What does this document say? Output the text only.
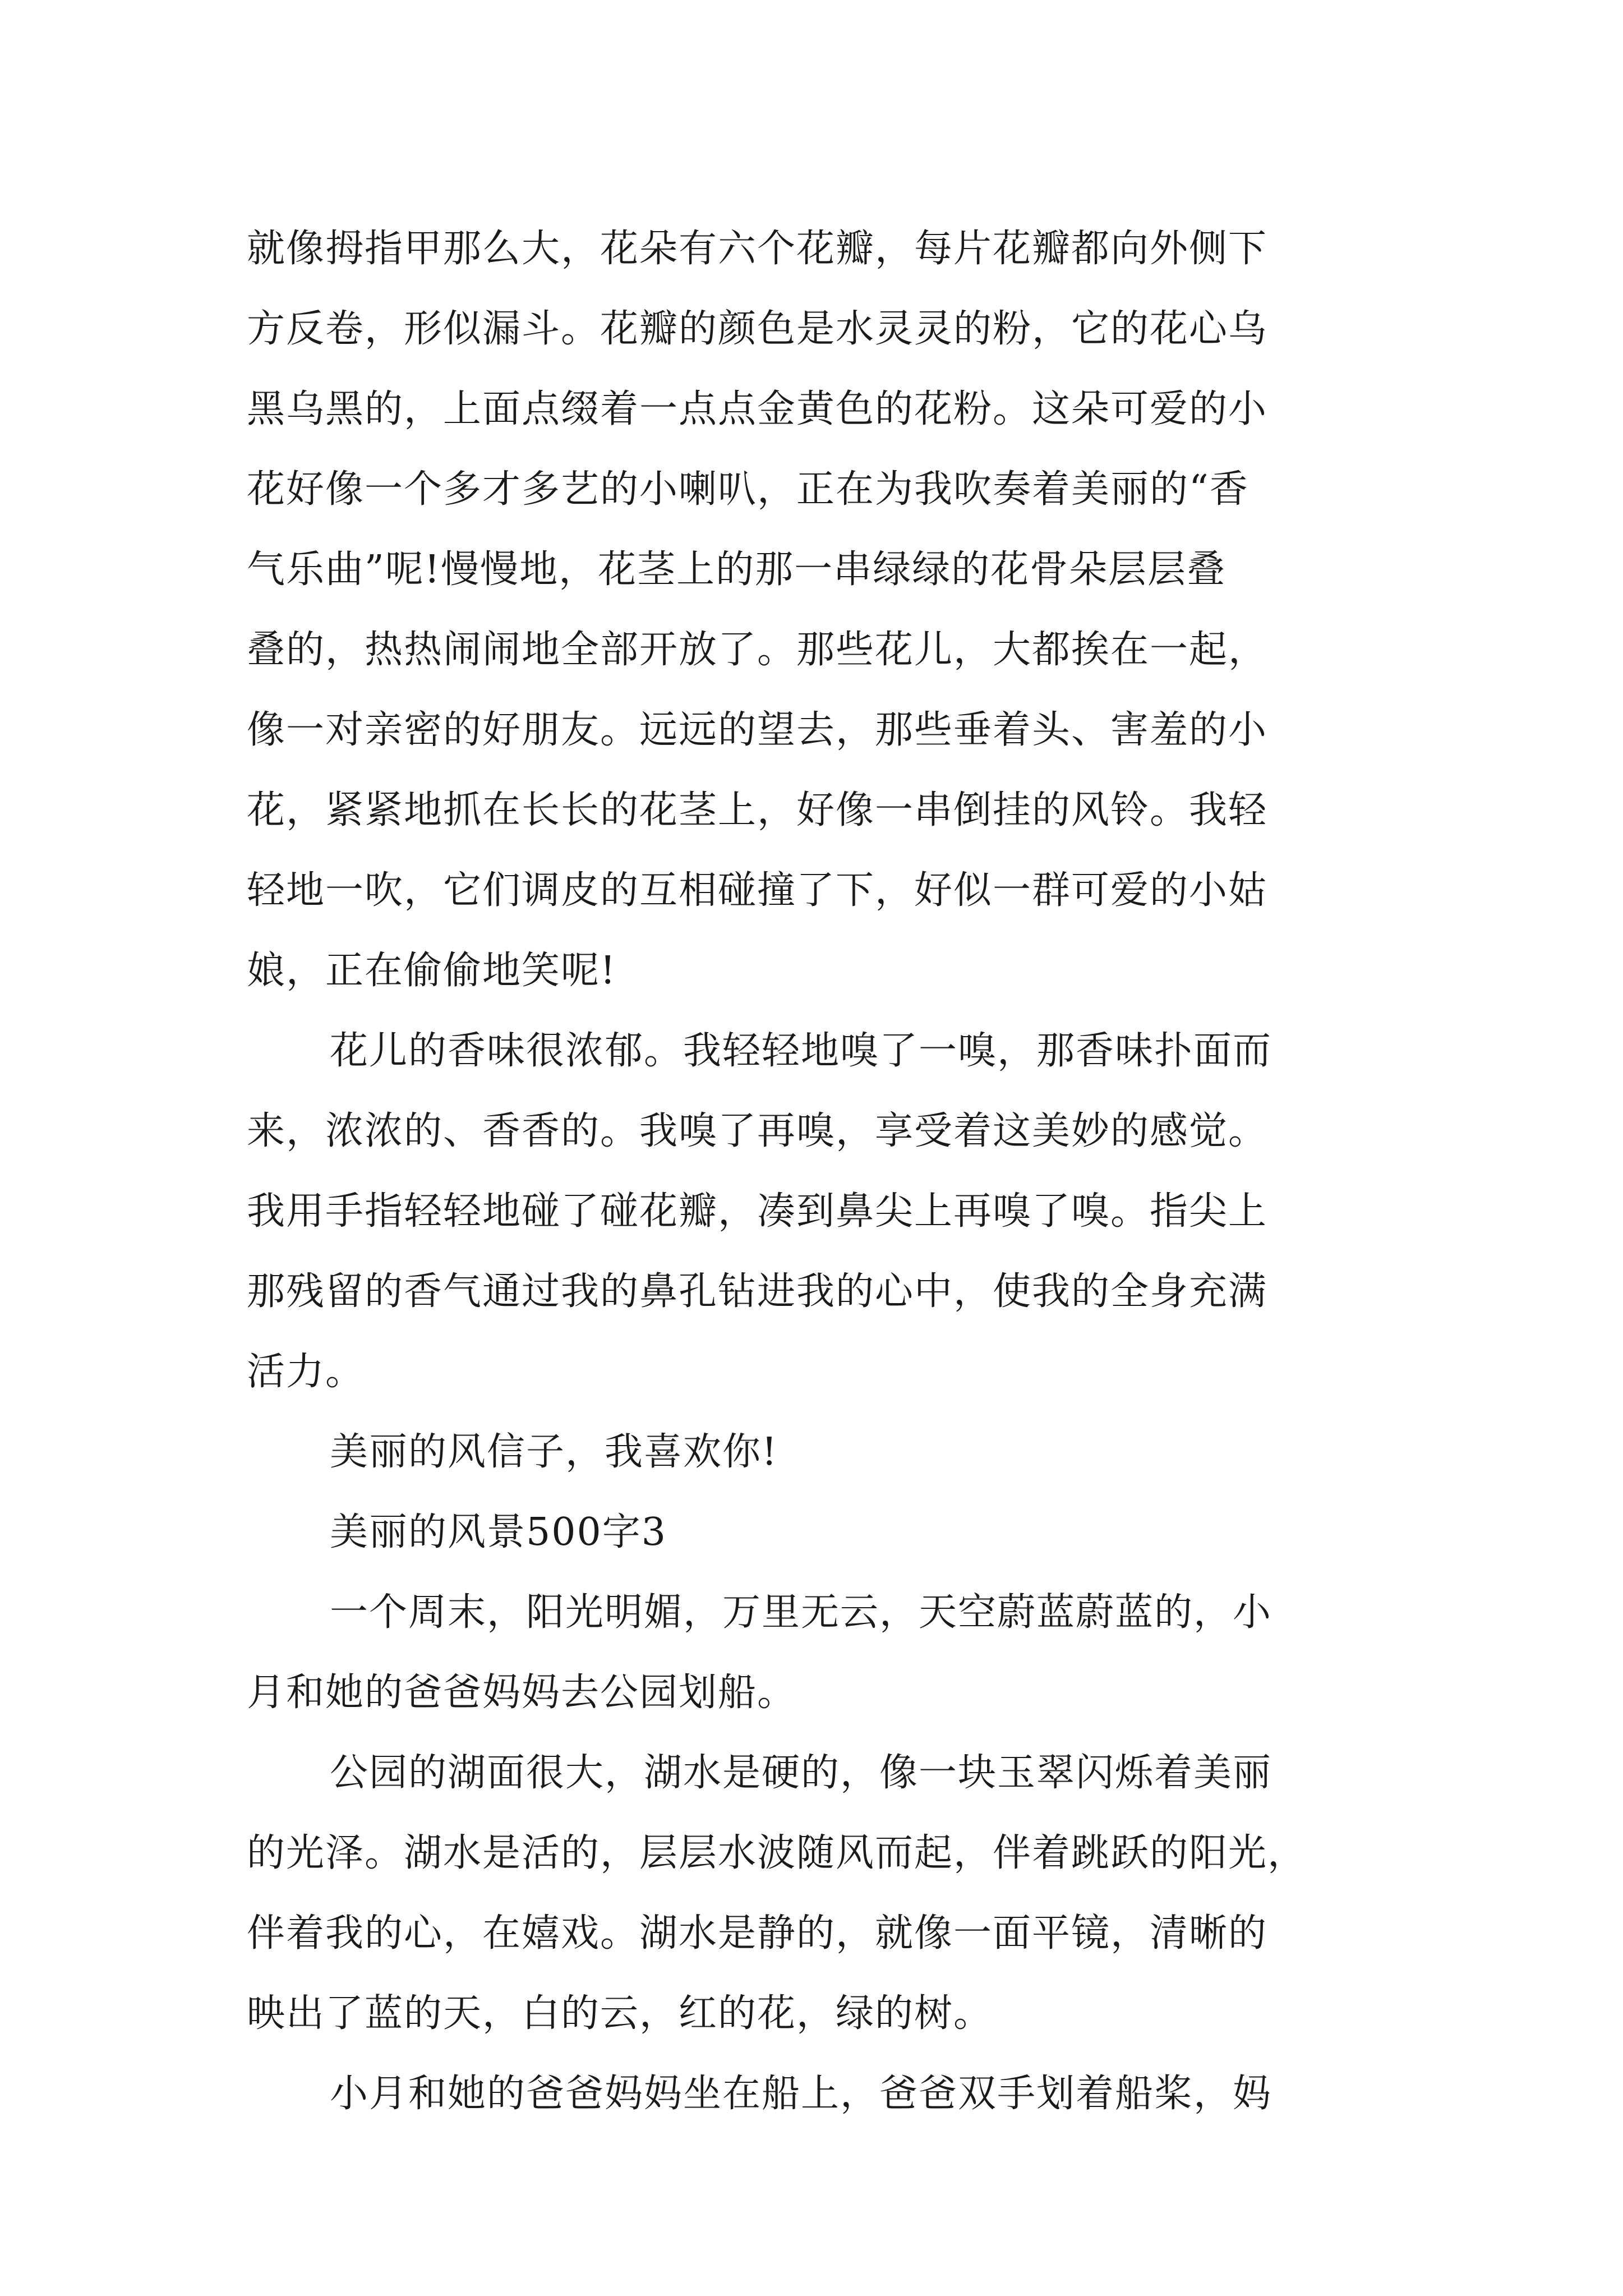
就像拇指甲那么大，花朵有六个花瓣，每片花瓣都向外侧下
方反卷，形似漏斗。花瓣的颜色是水灵灵的粉，它的花心乌
黑乌黑的，上面点缀着一点点金黄色的花粉。这朵可爱的小
花好像一个多才多艺的小喇叭，正在为我吹奏着美丽的“香
气乐曲”呢!慢慢地，花茎上的那一串绿绿的花骨朵层层叠
叠的，热热闹闹地全部开放了。那些花儿，大都挨在一起，
像一对亲密的好朋友。远远的望去，那些垂着头、害羞的小
花，紧紧地抓在长长的花茎上，好像一串倒挂的风铃。我轻
轻地一吹，它们调皮的互相碰撞了下，好似一群可爱的小姑
娘，正在偷偷地笑呢!
花儿的香味很浓郁。我轻轻地嗅了一嗅，那香味扑面而
来，浓浓的、香香的。我嗅了再嗅，享受着这美妙的感觉。
我用手指轻轻地碰了碰花瓣，凑到鼻尖上再嗅了嗅。指尖上
那残留的香气通过我的鼻孔钻进我的心中，使我的全身充满
活力。
美丽的风信子，我喜欢你!
美丽的风景500字3
一个周末，阳光明媚，万里无云，天空蔚蓝蔚蓝的，小
月和她的爸爸妈妈去公园划船。
公园的湖面很大，湖水是硬的，像一块玉翠闪烁着美丽
的光泽。湖水是活的，层层水波随风而起，伴着跳跃的阳光，
伴着我的心，在嬉戏。湖水是静的，就像一面平镜，清晰的
映出了蓝的天，白的云，红的花，绿的树。
小月和她的爸爸妈妈坐在船上，爸爸双手划着船桨，妈
